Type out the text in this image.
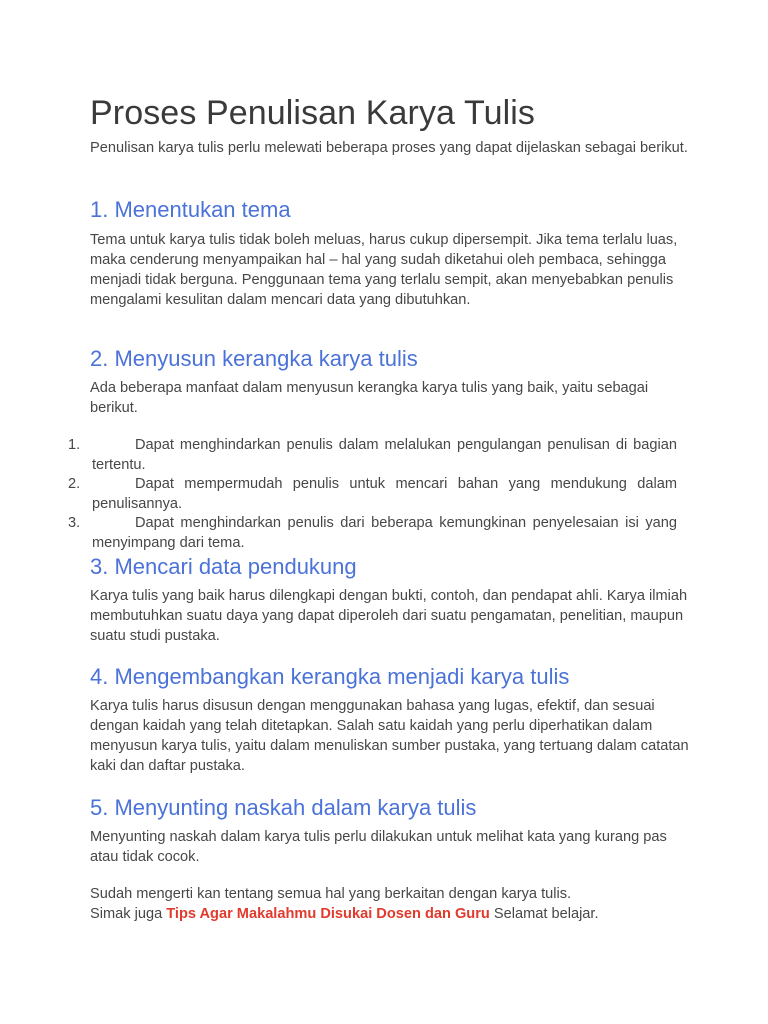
Proses Penulisan Karya Tulis

Penulisan karya tulis perlu melewati beberapa proses yang dapat dijelaskan sebagai berikut.

1. Menentukan tema

Tema untuk karya tulis tidak boleh meluas, harus cukup dipersempit. Jika tema terlalu luas, maka cenderung menyampaikan hal – hal yang sudah diketahui oleh pembaca, sehingga menjadi tidak berguna. Penggunaan tema yang terlalu sempit, akan menyebabkan penulis mengalami kesulitan dalam mencari data yang dibutuhkan.

2. Menyusun kerangka karya tulis

Ada beberapa manfaat dalam menyusun kerangka karya tulis yang baik, yaitu sebagai berikut.

1.	Dapat menghindarkan penulis dalam melalukan pengulangan penulisan di bagian tertentu.
2.	Dapat mempermudah penulis untuk mencari bahan yang mendukung dalam penulisannya.
3.	Dapat menghindarkan penulis dari beberapa kemungkinan penyelesaian isi yang menyimpang dari tema.
3. Mencari data pendukung

Karya tulis yang baik harus dilengkapi dengan bukti, contoh, dan pendapat ahli. Karya ilmiah membutuhkan suatu daya yang dapat diperoleh dari suatu pengamatan, penelitian, maupun suatu studi pustaka.

4. Mengembangkan kerangka menjadi karya tulis

Karya tulis harus disusun dengan menggunakan bahasa yang lugas, efektif, dan sesuai dengan kaidah yang telah ditetapkan. Salah satu kaidah yang perlu diperhatikan dalam menyusun karya tulis, yaitu dalam menuliskan sumber pustaka, yang tertuang dalam catatan kaki dan daftar pustaka.

5. Menyunting naskah dalam karya tulis

Menyunting naskah dalam karya tulis perlu dilakukan untuk melihat kata yang kurang pas atau tidak cocok.

Sudah mengerti kan tentang semua hal yang berkaitan dengan karya tulis.
Simak juga Tips Agar Makalahmu Disukai Dosen dan Guru Selamat belajar.
